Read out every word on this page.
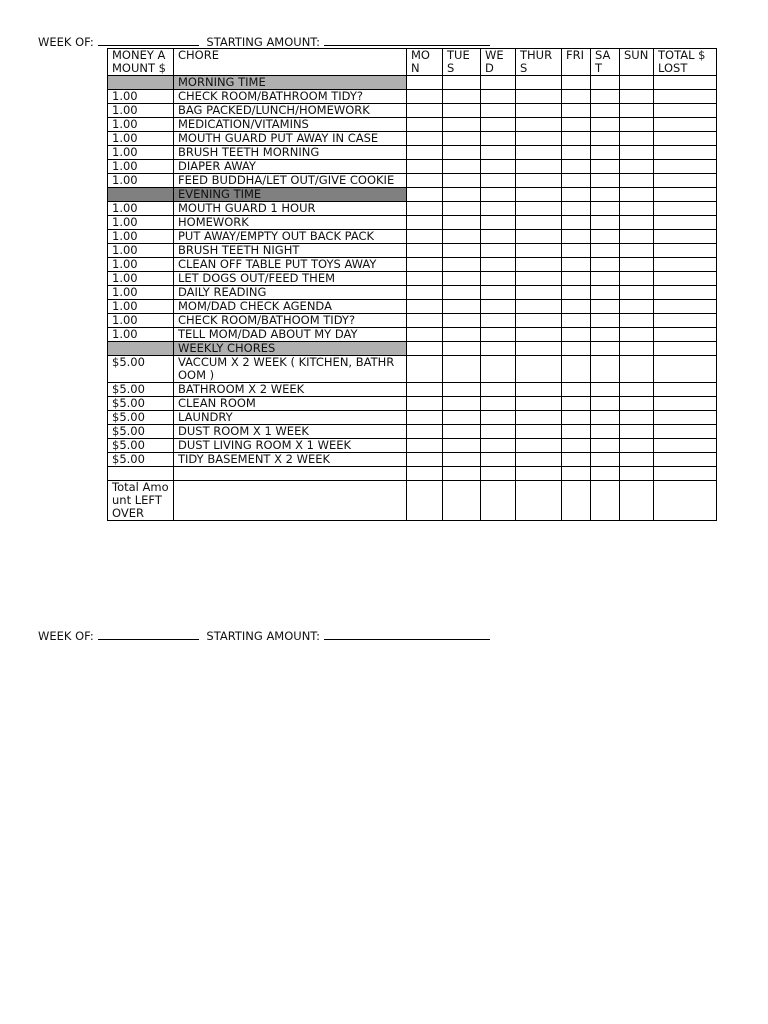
WEEK OF:	STARTING AMOUNT:
MONEY AMOUNT $	CHORE	MON	TUES	WED	THURS	FRI	SAT	SUN	TOTAL $ LOST
	MORNING TIME								
1.00	CHECK ROOM/BATHROOM TIDY?								
1.00	BAG PACKED/LUNCH/HOMEWORK								
1.00	MEDICATION/VITAMINS								
1.00	MOUTH GUARD PUT AWAY IN CASE								
1.00	BRUSH TEETH MORNING								
1.00	DIAPER AWAY								
1.00	FEED BUDDHA/LET OUT/GIVE COOKIE								
	EVENING TIME								
1.00	MOUTH GUARD 1 HOUR								
1.00	HOMEWORK								
1.00	PUT AWAY/EMPTY OUT BACK PACK								
1.00	BRUSH TEETH NIGHT								
1.00	CLEAN OFF TABLE PUT TOYS AWAY								
1.00	LET DOGS OUT/FEED THEM								
1.00	DAILY READING								
1.00	MOM/DAD CHECK AGENDA								
1.00	CHECK ROOM/BATHOOM TIDY?								
1.00	TELL MOM/DAD ABOUT MY DAY								
	WEEKLY CHORES								
$5.00	VACCUM X 2 WEEK ( KITCHEN, BATHROOM )								
$5.00	BATHROOM X 2 WEEK								
$5.00	CLEAN ROOM								
$5.00	LAUNDRY								
$5.00	DUST ROOM X 1 WEEK								
$5.00	DUST LIVING ROOM X 1 WEEK								
$5.00	TIDY BASEMENT X 2 WEEK								

Total Amount LEFT OVER									
WEEK OF:	STARTING AMOUNT:
